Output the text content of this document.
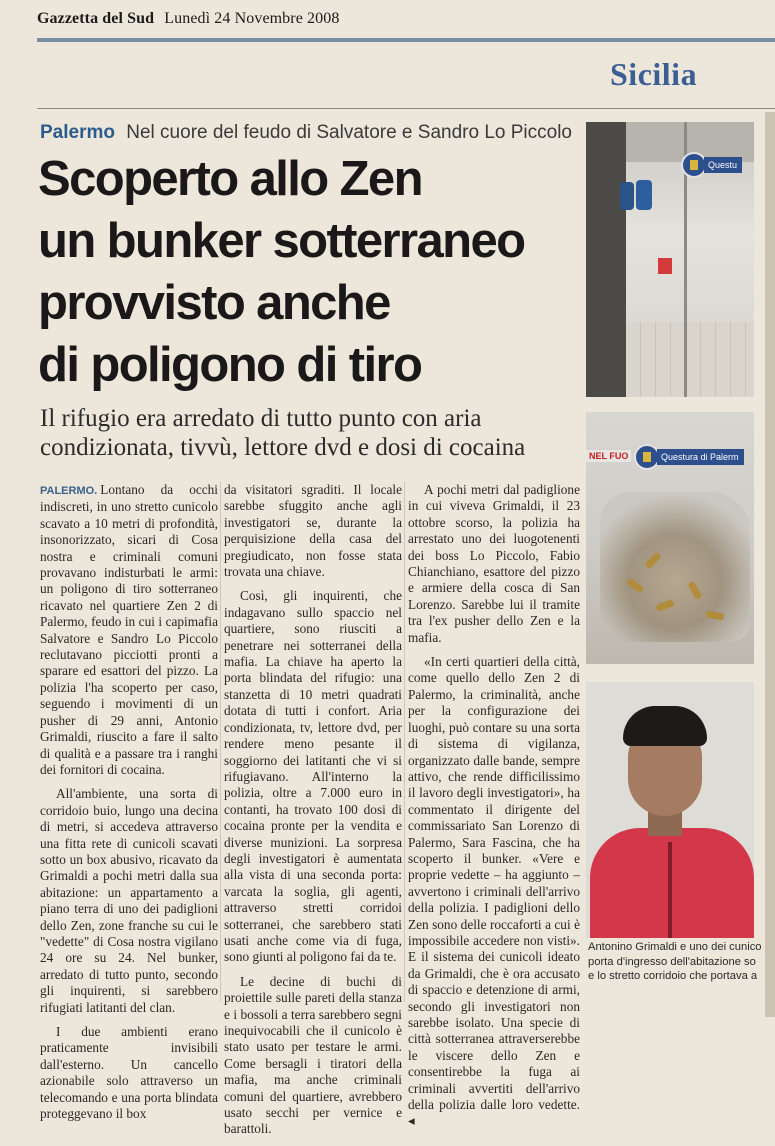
Gazzetta del Sud Lunedì 24 Novembre 2008
Sicilia
Palermo Nel cuore del feudo di Salvatore e Sandro Lo Piccolo
Scoperto allo Zen
un bunker sotterraneo
provvisto anche
di poligono di tiro
Il rifugio era arredato di tutto punto con aria condizionata, tivvù, lettore dvd e dosi di cocaina

PALERMO. Lontano da occhi indiscreti, in uno stretto cunicolo scavato a 10 metri di profondità, insonorizzato, sicari di Cosa nostra e criminali comuni provavano indisturbati le armi: un poligono di tiro sotterraneo ricavato nel quartiere Zen 2 di Palermo, feudo in cui i capimafia Salvatore e Sandro Lo Piccolo reclutavano picciotti pronti a sparare ed esattori del pizzo. La polizia l'ha scoperto per caso, seguendo i movimenti di un pusher di 29 anni, Antonio Grimaldi, riuscito a fare il salto di qualità e a passare tra i ranghi dei fornitori di cocaina.

All'ambiente, una sorta di corridoio buio, lungo una decina di metri, si accedeva attraverso una fitta rete di cunicoli scavati sotto un box abusivo, ricavato da Grimaldi a pochi metri dalla sua abitazione: un appartamento a piano terra di uno dei padiglioni dello Zen, zone franche su cui le "vedette" di Cosa nostra vigilano 24 ore su 24. Nel bunker, arredato di tutto punto, secondo gli inquirenti, si sarebbero rifugiati latitanti del clan.

I due ambienti erano praticamente invisibili dall'esterno. Un cancello azionabile solo attraverso un telecomando e una porta blindata proteggevano il box

da visitatori sgraditi. Il locale sarebbe sfuggito anche agli investigatori se, durante la perquisizione della casa del pregiudicato, non fosse stata trovata una chiave.

Così, gli inquirenti, che indagavano sullo spaccio nel quartiere, sono riusciti a penetrare nei sotterranei della mafia. La chiave ha aperto la porta blindata del rifugio: una stanzetta di 10 metri quadrati dotata di tutti i confort. Aria condizionata, tv, lettore dvd, per rendere meno pesante il soggiorno dei latitanti che vi si rifugiavano. All'interno la polizia, oltre a 7.000 euro in contanti, ha trovato 100 dosi di cocaina pronte per la vendita e diverse munizioni. La sorpresa degli investigatori è aumentata alla vista di una seconda porta: varcata la soglia, gli agenti, attraverso stretti corridoi sotterranei, che sarebbero stati usati anche come via di fuga, sono giunti al poligono fai da te.

Le decine di buchi di proiettile sulle pareti della stanza e i bossoli a terra sarebbero segni inequivocabili che il cunicolo è stato usato per testare le armi. Come bersagli i tiratori della mafia, ma anche criminali comuni del quartiere, avrebbero usato secchi per vernice e barattoli.

A pochi metri dal padiglione in cui viveva Grimaldi, il 23 ottobre scorso, la polizia ha arrestato uno dei luogotenenti dei boss Lo Piccolo, Fabio Chianchiano, esattore del pizzo e armiere della cosca di San Lorenzo. Sarebbe lui il tramite tra l'ex pusher dello Zen e la mafia.

«In certi quartieri della città, come quello dello Zen 2 di Palermo, la criminalità, anche per la configurazione dei luoghi, può contare su una sorta di sistema di vigilanza, organizzato dalle bande, sempre attivo, che rende difficilissimo il lavoro degli investigatori», ha commentato il dirigente del commissariato San Lorenzo di Palermo, Sara Fascina, che ha scoperto il bunker. «Vere e proprie vedette – ha aggiunto – avvertono i criminali dell'arrivo della polizia. I padiglioni dello Zen sono delle roccaforti a cui è impossibile accedere non visti». E il sistema dei cunicoli ideato da Grimaldi, che è ora accusato di spaccio e detenzione di armi, secondo gli investigatori non sarebbe isolato. Una specie di città sotterranea attraverserebbe le viscere dello Zen e consentirebbe la fuga ai criminali avvertiti dell'arrivo della polizia dalle loro vedette. ◂

Questu
NEL FUO	Questura di Palerm
Antonino Grimaldi e uno dei cunico
porta d'ingresso dell'abitazione so
e lo stretto corridoio che portava a
